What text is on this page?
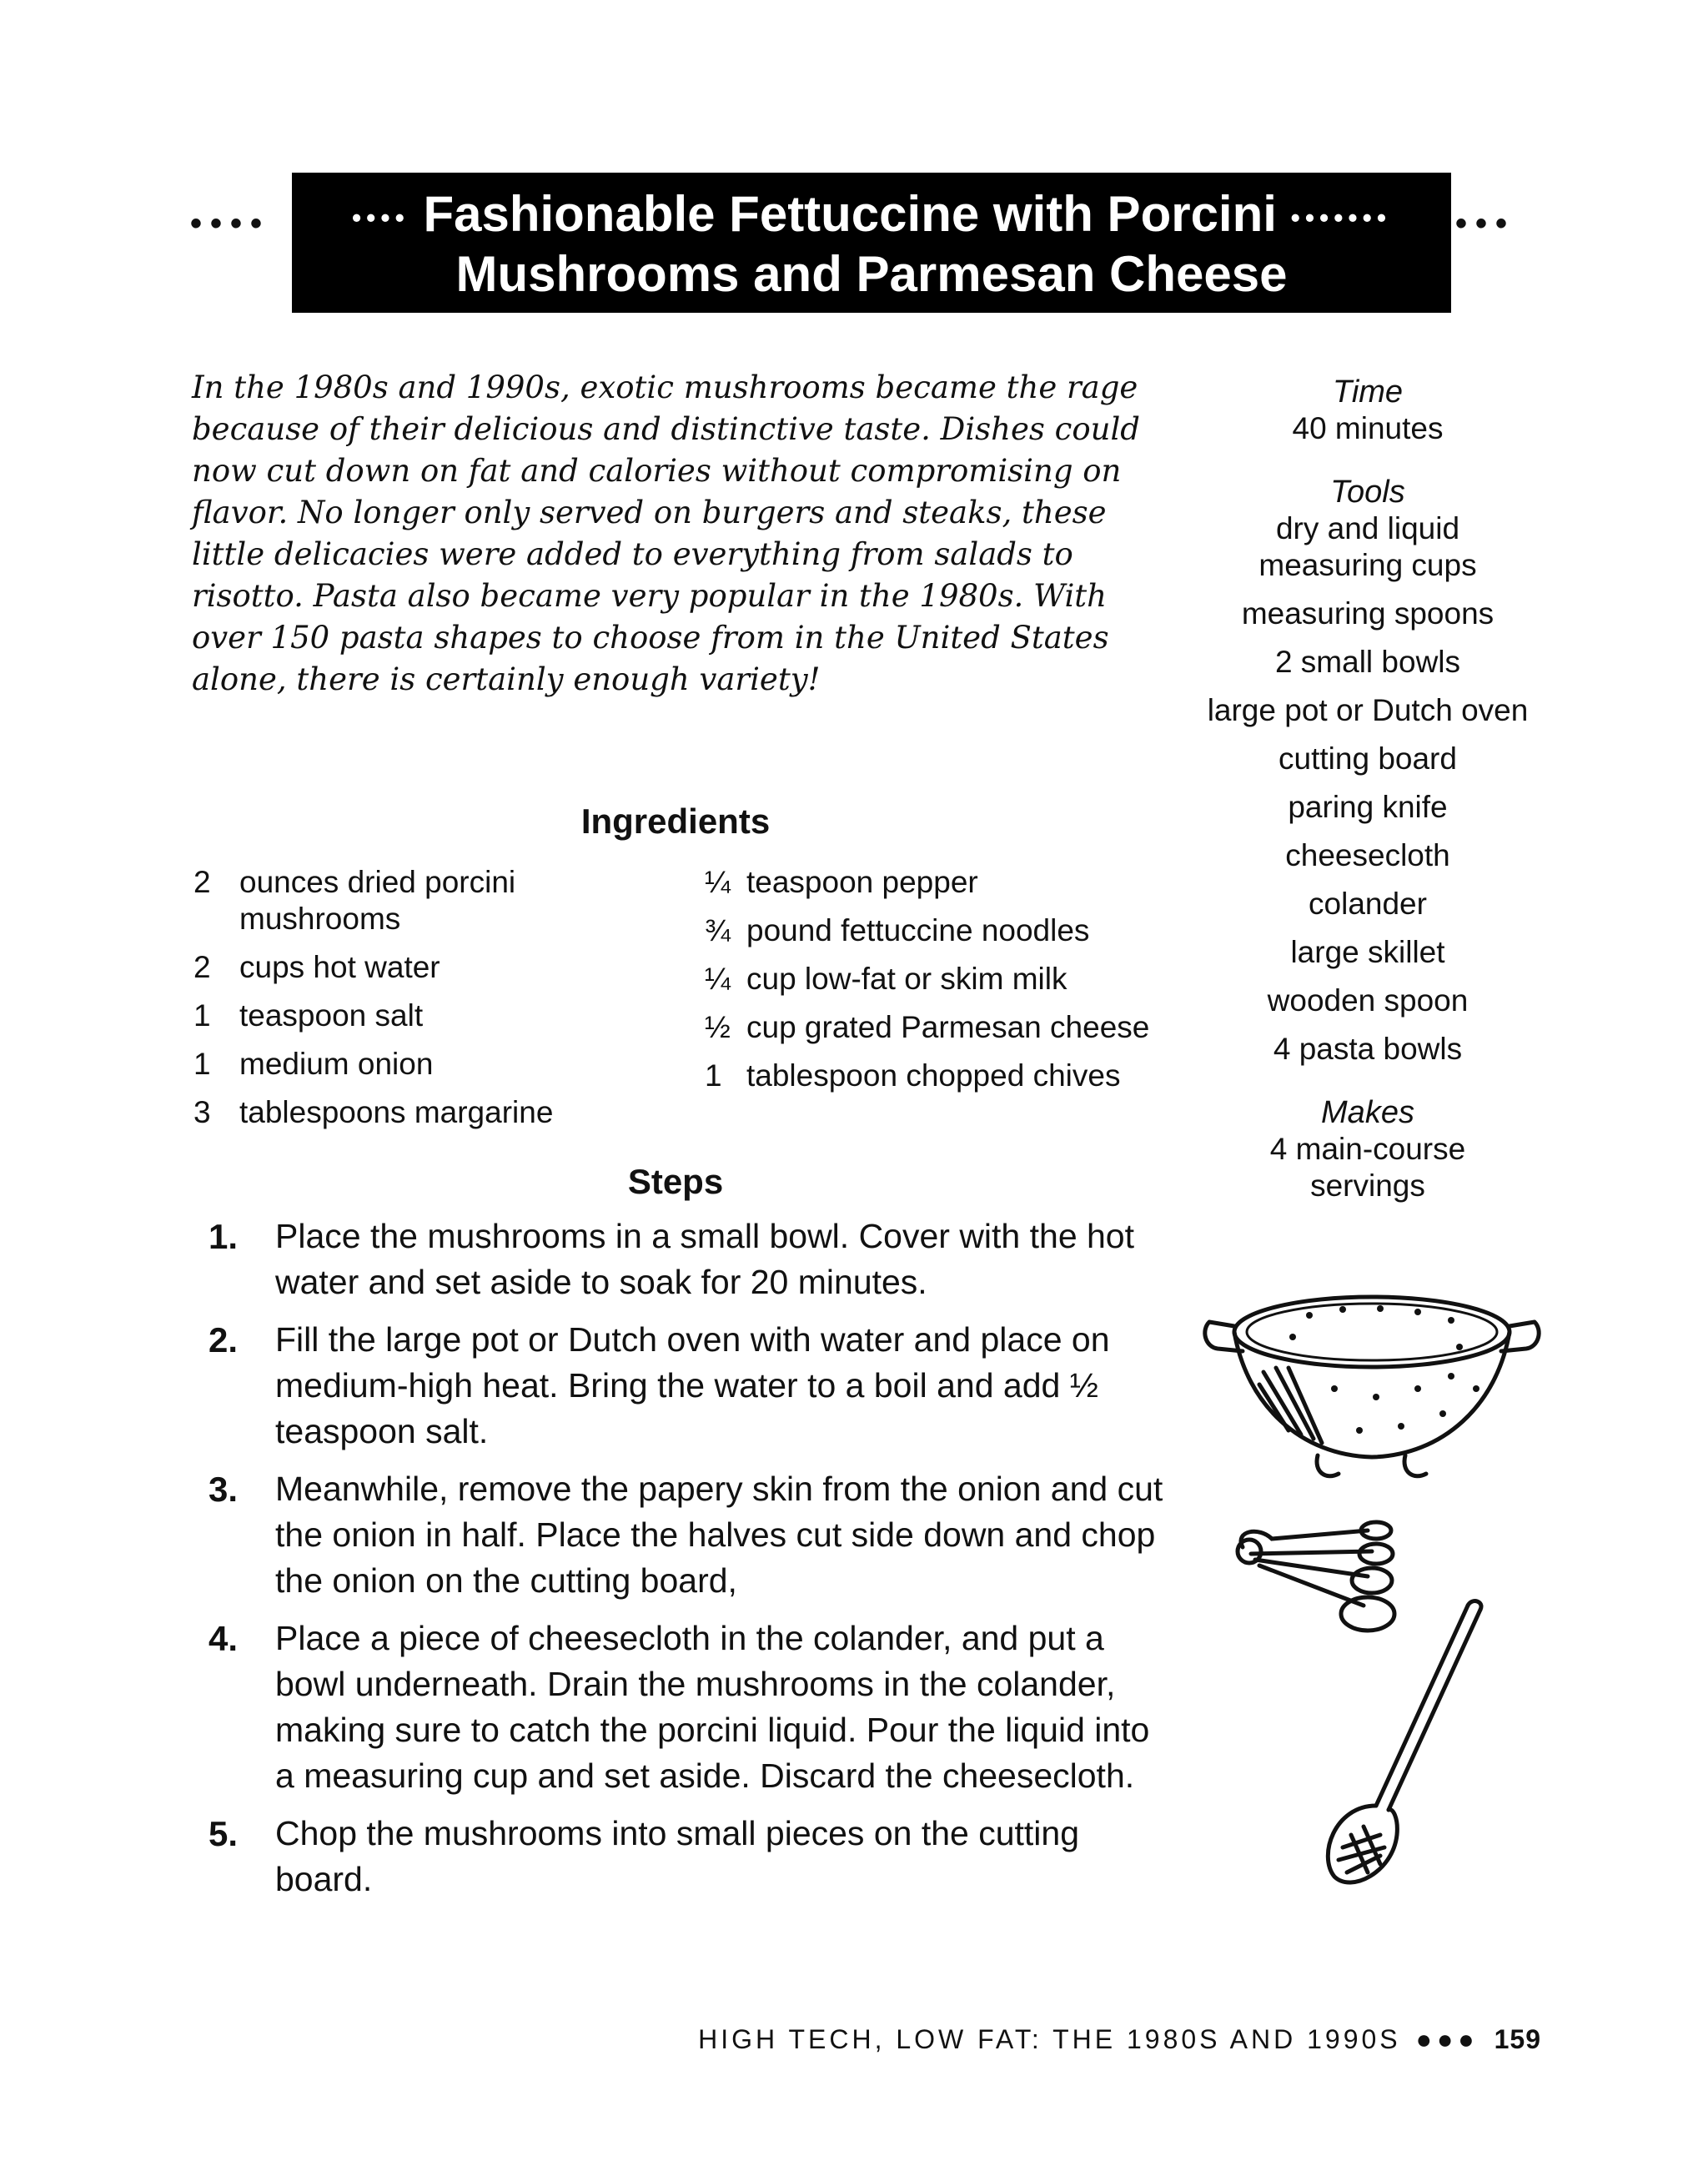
••••	•••
•••• Fashionable Fettuccine with Porcini •••••••
Mushrooms and Parmesan Cheese
In the 1980s and 1990s, exotic mushrooms became the rage because of their delicious and distinctive taste. Dishes could now cut down on fat and calories without compromising on flavor. No longer only served on burgers and steaks, these little delicacies were added to everything from salads to risotto. Pasta also became very popular in the 1980s. With over 150 pasta shapes to choose from in the United States alone, there is certainly enough variety!
Ingredients
2 ounces dried porcini mushrooms
2 cups hot water
1 teaspoon salt
1 medium onion
3 tablespoons margarine
¼ teaspoon pepper
¾ pound fettuccine noodles
¼ cup low-fat or skim milk
½ cup grated Parmesan cheese
1 tablespoon chopped chives
Steps
1.	Place the mushrooms in a small bowl. Cover with the hot water and set aside to soak for 20 minutes.
2.	Fill the large pot or Dutch oven with water and place on medium-high heat. Bring the water to a boil and add ½ teaspoon salt.
3.	Meanwhile, remove the papery skin from the onion and cut the onion in half. Place the halves cut side down and chop the onion on the cutting board,
4.	Place a piece of cheesecloth in the colander, and put a bowl underneath. Drain the mushrooms in the colander, making sure to catch the porcini liquid. Pour the liquid into a measuring cup and set aside. Discard the cheesecloth.
5.	Chop the mushrooms into small pieces on the cutting board.
Time
40 minutes
Tools
dry and liquid measuring cups
measuring spoons
2 small bowls
large pot or Dutch oven
cutting board
paring knife
cheesecloth
colander
large skillet
wooden spoon
4 pasta bowls
Makes
4 main-course servings
HIGH TECH, LOW FAT: THE 1980S AND 1990S ●●● 159
